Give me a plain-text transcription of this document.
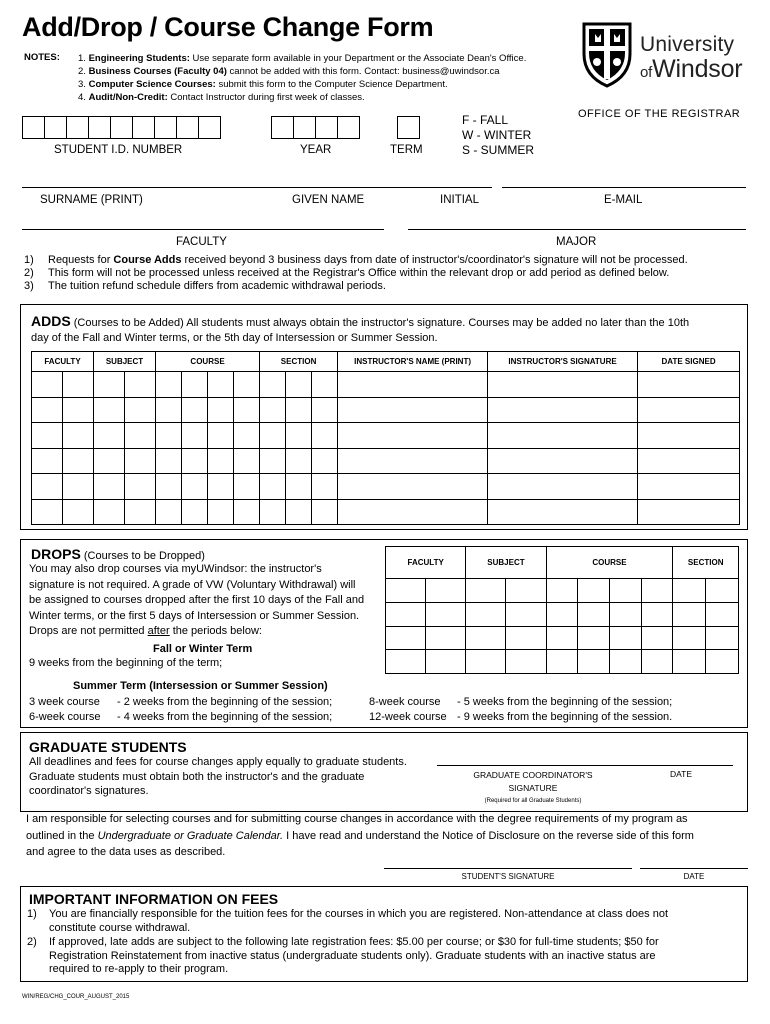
Add/Drop / Course Change Form
NOTES: 1. Engineering Students: Use separate form available in your Department or the Associate Dean's Office.
2. Business Courses (Faculty 04) cannot be added with this form. Contact: business@uwindsor.ca
3. Computer Science Courses: submit this form to the Computer Science Department.
4. Audit/Non-Credit: Contact Instructor during first week of classes.
University
ofWindsor
OFFICE OF THE REGISTRAR
STUDENT I.D. NUMBER	YEAR	TERM
F - FALL
W - WINTER
S - SUMMER
SURNAME (PRINT)	GIVEN NAME	INITIAL	E-MAIL
FACULTY	MAJOR
1) Requests for Course Adds received beyond 3 business days from date of instructor's/coordinator's signature will not be processed.
2) This form will not be processed unless received at the Registrar's Office within the relevant drop or add period as defined below.
3) The tuition refund schedule differs from academic withdrawal periods.
ADDS (Courses to be Added) All students must always obtain the instructor's signature. Courses may be added no later than the 10th
day of the Fall and Winter terms, or the 5th day of Intersession or Summer Session.
FACULTY		SUBJECT		COURSE				SECTION			INSTRUCTOR'S NAME (PRINT)	INSTRUCTOR'S SIGNATURE	DATE SIGNED

DROPS (Courses to be Dropped)
You may also drop courses via myUWindsor: the instructor's
signature is not required. A grade of VW (Voluntary Withdrawal) will
be assigned to courses dropped after the first 10 days of the Fall and
Winter terms, or the first 5 days of Intersession or Summer Session.
Drops are not permitted after the periods below:
FACULTY		SUBJECT		COURSE				SECTION	

Fall or Winter Term
9 weeks from the beginning of the term;
Summer Term (Intersession or Summer Session)
3 week course - 2 weeks from the beginning of the session;	8-week course - 5 weeks from the beginning of the session;
6-week course - 4 weeks from the beginning of the session;	12-week course - 9 weeks from the beginning of the session.
GRADUATE STUDENTS
All deadlines and fees for course changes apply equally to graduate students.
Graduate students must obtain both the instructor's and the graduate
coordinator's signatures.
GRADUATE COORDINATOR'S
SIGNATURE
(Required for all Graduate Students)
DATE
I am responsible for selecting courses and for submitting course changes in accordance with the degree requirements of my program as
outlined in the Undergraduate or Graduate Calendar. I have read and understand the Notice of Disclosure on the reverse side of this form
and agree to the data uses as described.
STUDENT'S SIGNATURE	DATE
IMPORTANT INFORMATION ON FEES
1)	You are financially responsible for the tuition fees for the courses in which you are registered. Non-attendance at class does not

constitute course withdrawal.

2)	If approved, late adds are subject to the following late registration fees: $5.00 per course; or $30 for full-time students; $50 for

Registration Reinstatement from inactive status (undergraduate students only). Graduate students with an inactive status are

required to re-apply to their program.

WIN/REG/CHG_COUR_AUGUST_2015
